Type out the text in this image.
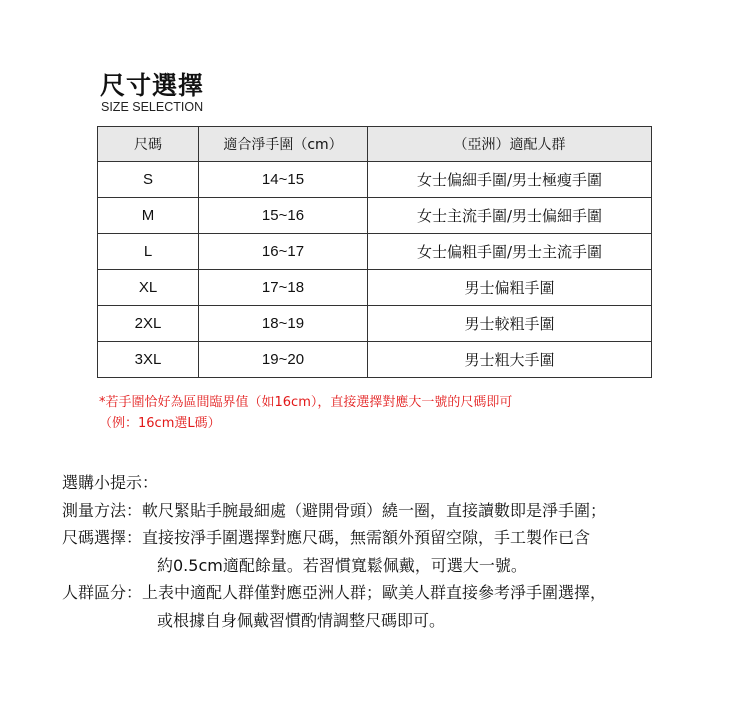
尺寸選擇
SIZE SELECTION
尺碼	適合淨手圍（cm）	（亞洲）適配人群
S	14~15	女士偏細手圍/男士極瘦手圍
M	15~16	女士主流手圍/男士偏細手圍
L	16~17	女士偏粗手圍/男士主流手圍
XL	17~18	男士偏粗手圍
2XL	18~19	男士較粗手圍
3XL	19~20	男士粗大手圍
*若手圍恰好為區間臨界值（如16cm），直接選擇對應大一號的尺碼即可
（例：16cm選L碼）
選購小提示：
測量方法：軟尺緊貼手腕最細處（避開骨頭）繞一圈，直接讀數即是淨手圍；
尺碼選擇：直接按淨手圍選擇對應尺碼，無需額外預留空隙，手工製作已含
約0.5cm適配餘量。若習慣寬鬆佩戴，可選大一號。
人群區分：上表中適配人群僅對應亞洲人群；歐美人群直接參考淨手圍選擇，
或根據自身佩戴習慣酌情調整尺碼即可。
